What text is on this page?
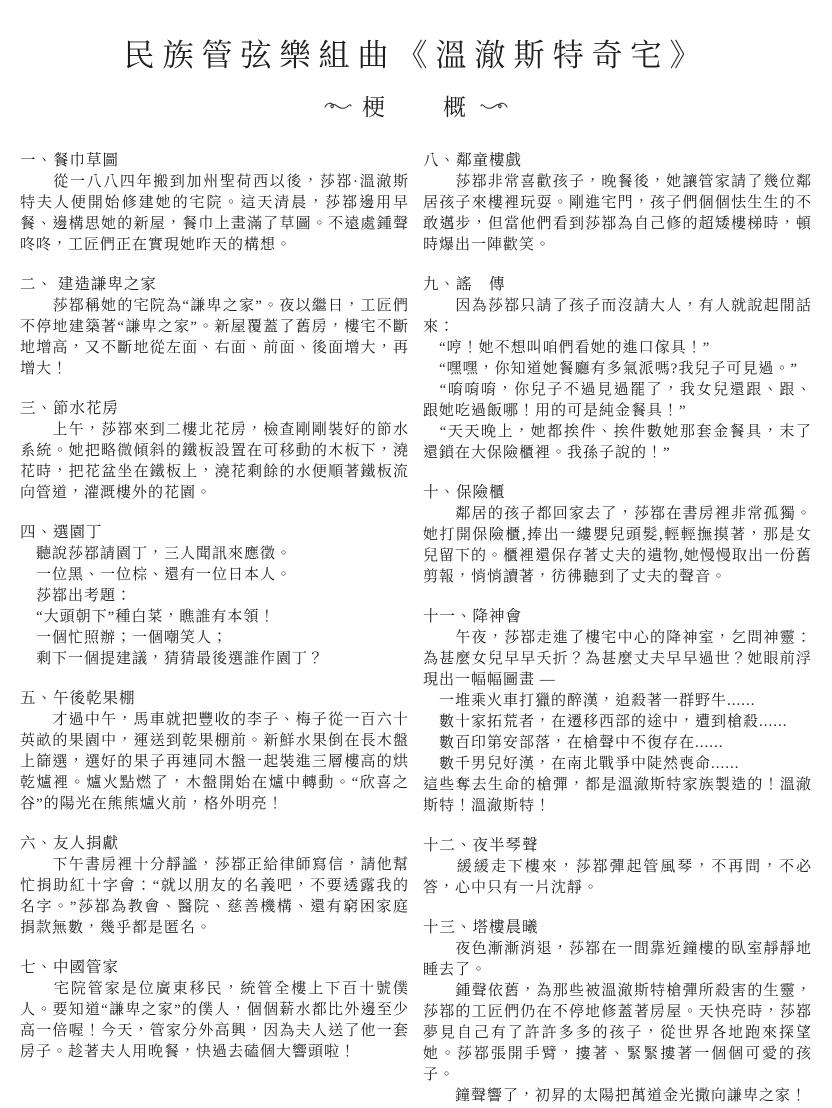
民族管弦樂組曲《溫澈斯特奇宅》
梗　　概
一、餐巾草圖

　　從一八八四年搬到加州聖荷西以後，莎鄀·溫澈斯特夫人便開始修建她的宅院。這天清晨，莎鄀邊用早餐、邊構思她的新屋，餐巾上畫滿了草圖。不遠處鍾聲咚咚，工匠們正在實現她昨天的構想。

二、 建造謙卑之家

　　莎鄀稱她的宅院為“謙卑之家”。夜以繼日，工匠們不停地建築著“謙卑之家”。新屋覆蓋了舊房，樓宅不斷地增高，又不斷地從左面、右面、前面、後面增大，再增大！

三、節水花房

　　上午，莎鄀來到二樓北花房，檢查剛剛裝好的節水系統。她把略微傾斜的鐵板設置在可移動的木板下，澆花時，把花盆坐在鐵板上，澆花剩餘的水便順著鐵板流向管道，灌溉樓外的花園。

四、選園丁

　聽說莎鄀請園丁，三人聞訊來應徵。

　一位黑、一位棕、還有一位日本人。

　莎鄀出考題：

　“大頭朝下”種白菜，瞧誰有本領！

　一個忙照辦；一個嘲笑人；

　剩下一個提建議，猜猜最後選誰作園丁？

五、午後乾果棚

　　才過中午，馬車就把豐收的李子、梅子從一百六十英畝的果園中，運送到乾果棚前。新鮮水果倒在長木盤上篩選，選好的果子再連同木盤一起裝進三層樓高的烘乾爐裡。爐火點燃了，木盤開始在爐中轉動。“欣喜之谷”的陽光在熊熊爐火前，格外明亮！

六、友人捐獻

　　下午書房裡十分靜謐，莎鄀正給律師寫信，請他幫忙捐助紅十字會：“就以朋友的名義吧，不要透露我的名字。”莎鄀為教會、醫院、慈善機構、還有窮困家庭捐款無數，幾乎都是匿名。

七、中國管家

　　宅院管家是位廣東移民，統管全樓上下百十號僕人。要知道“謙卑之家”的僕人，個個薪水都比外邊至少高一倍喔！今天，管家分外高興，因為夫人送了他一套房子。趁著夫人用晚餐，快過去磕個大響頭啦！

八、鄰童樓戲

　　莎鄀非常喜歡孩子，晚餐後，她讓管家請了幾位鄰居孩子來樓裡玩耍。剛進宅門，孩子們個個怯生生的不敢邁步，但當他們看到莎鄀為自己修的超矮樓梯時，頓時爆出一陣歡笑。

九、謠　傳

　　因為莎鄀只請了孩子而沒請大人，有人就說起閒話來：

　“哼！她不想叫咱們看她的進口傢具！”

　“嘿嘿，你知道她餐廳有多氣派嗎?我兒子可見過。”

　“唷唷唷，你兒子不過見過罷了，我女兒還跟、跟、跟她吃過飯哪！用的可是純金餐具！”

　“天天晚上，她都挨件、挨件數她那套金餐具，末了還鎖在大保險櫃裡。我孫子說的！”

十、保險櫃

　　鄰居的孩子都回家去了，莎鄀在書房裡非常孤獨。她打開保險櫃,捧出一縷嬰兒頭髮,輕輕撫摸著，那是女兒留下的。櫃裡還保存著丈夫的遺物,她慢慢取出一份舊剪報，悄悄讀著，彷彿聽到了丈夫的聲音。

十一、降神會

　　午夜，莎鄀走進了樓宅中心的降神室，乞問神靈：為甚麼女兒早早夭折？為甚麼丈夫早早過世？她眼前浮現出一幅幅圖畫 —

　一堆乘火車打獵的醉漢，追殺著一群野牛......

　數十家拓荒者，在遷移西部的途中，遭到槍殺......

　數百印第安部落，在槍聲中不復存在......

　數千男兒好漢，在南北戰爭中陡然喪命......

這些奪去生命的槍彈，都是溫澈斯特家族製造的！溫澈斯特！溫澈斯特！

十二、夜半琴聲

　　緩緩走下樓來，莎鄀彈起管風琴，不再問，不必答，心中只有一片沈靜。

十三、塔樓晨曦

　　夜色漸漸消退，莎鄀在一間靠近鐘樓的臥室靜靜地睡去了。

　　鍾聲依舊，為那些被溫澈斯特槍彈所殺害的生靈，莎鄀的工匠們仍在不停地修蓋著房屋。天快亮時，莎鄀夢見自己有了許許多多的孩子，從世界各地跑來探望她。莎鄀張開手臂，摟著、緊緊摟著一個個可愛的孩子。

　　鐘聲響了，初昇的太陽把萬道金光撒向謙卑之家！
